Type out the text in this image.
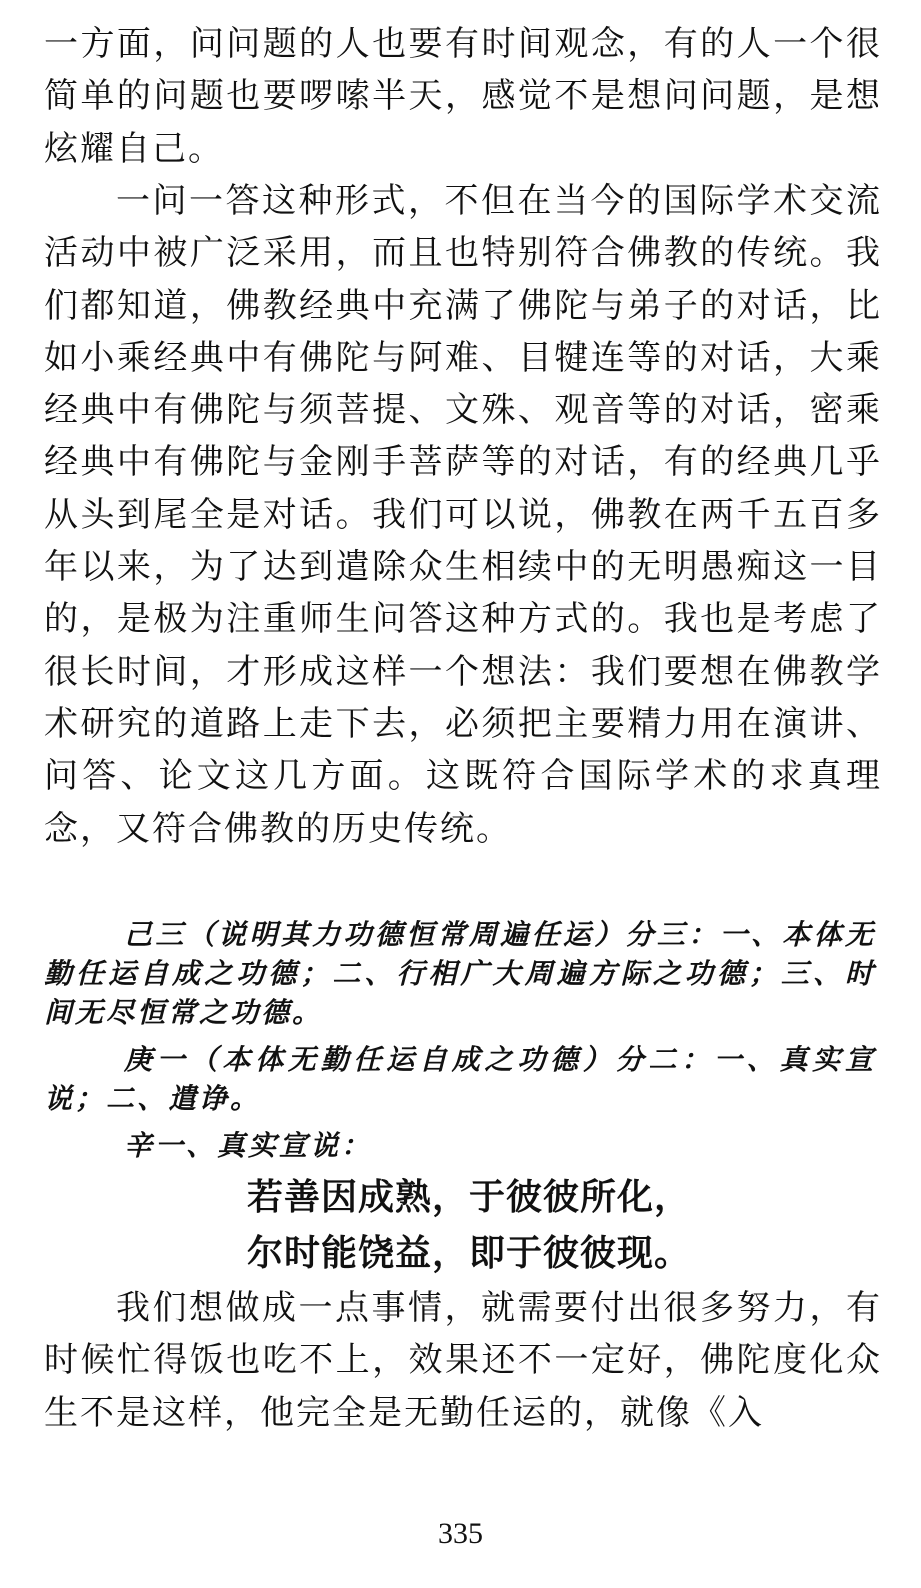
一方面，问问题的人也要有时间观念，有的人一个很简单的问题也要啰嗦半天，感觉不是想问问题，是想炫耀自己。

一问一答这种形式，不但在当今的国际学术交流活动中被广泛采用，而且也特别符合佛教的传统。我们都知道，佛教经典中充满了佛陀与弟子的对话，比如小乘经典中有佛陀与阿难、目犍连等的对话，大乘经典中有佛陀与须菩提、文殊、观音等的对话，密乘经典中有佛陀与金刚手菩萨等的对话，有的经典几乎从头到尾全是对话。我们可以说，佛教在两千五百多年以来，为了达到遣除众生相续中的无明愚痴这一目的，是极为注重师生问答这种方式的。我也是考虑了很长时间，才形成这样一个想法：我们要想在佛教学术研究的道路上走下去，必须把主要精力用在演讲、问答、论文这几方面。这既符合国际学术的求真理念，又符合佛教的历史传统。

己三（说明其力功德恒常周遍任运）分三：一、本体无勤任运自成之功德；二、行相广大周遍方际之功德；三、时间无尽恒常之功德。

庚一（本体无勤任运自成之功德）分二：一、真实宣说；二、遣诤。

辛一、真实宣说：

若善因成熟，于彼彼所化，

尔时能饶益，即于彼彼现。

我们想做成一点事情，就需要付出很多努力，有时候忙得饭也吃不上，效果还不一定好，佛陀度化众生不是这样，他完全是无勤任运的，就像《入

335
